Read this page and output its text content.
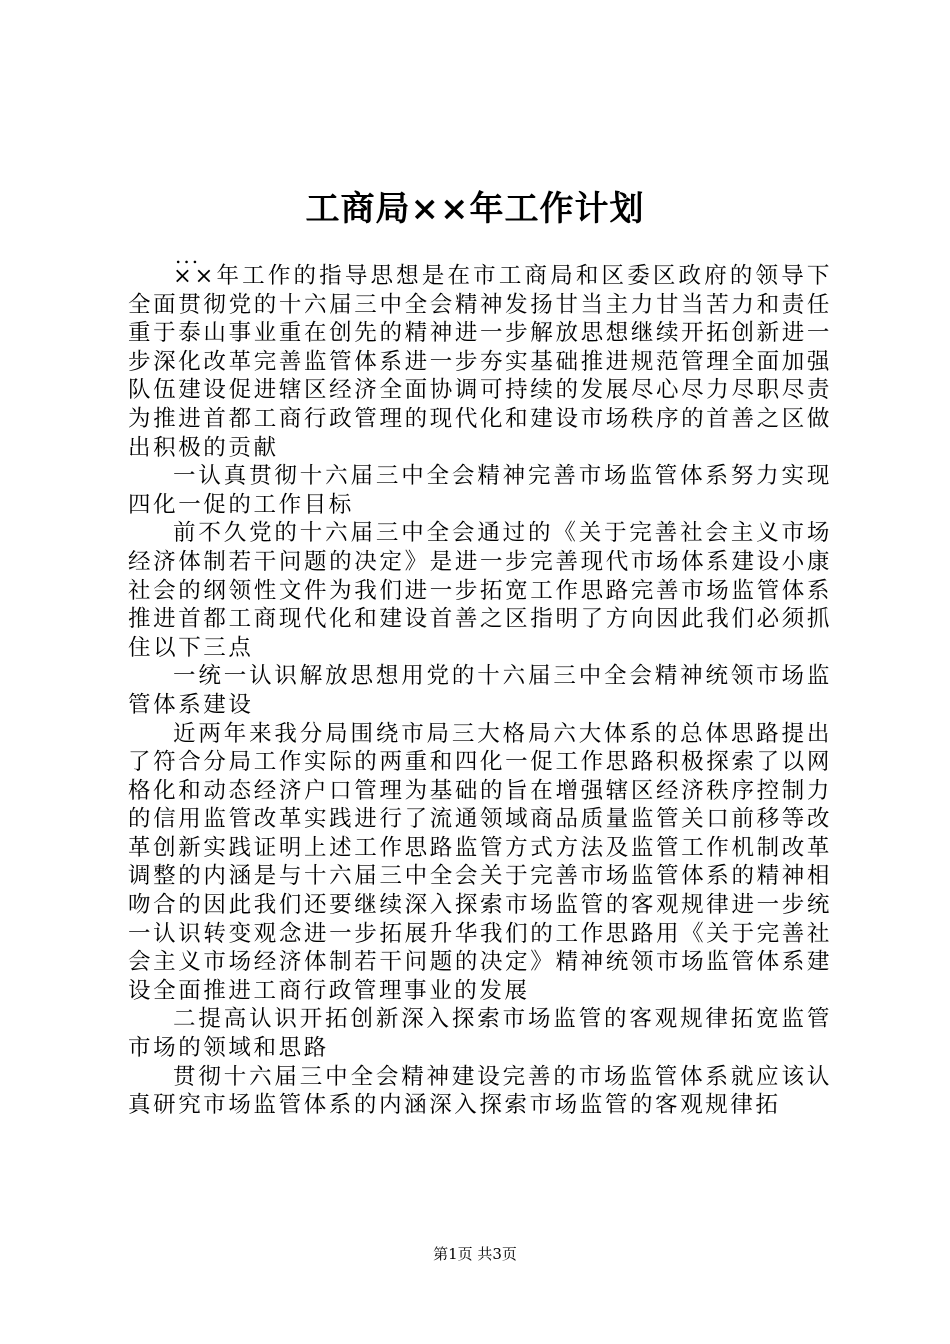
工商局××年工作计划
...

××年工作的指导思想是在市工商局和区委区政府的领导下全面贯彻党的十六届三中全会精神发扬甘当主力甘当苦力和责任重于泰山事业重在创先的精神进一步解放思想继续开拓创新进一步深化改革完善监管体系进一步夯实基础推进规范管理全面加强队伍建设促进辖区经济全面协调可持续的发展尽心尽力尽职尽责为推进首都工商行政管理的现代化和建设市场秩序的首善之区做出积极的贡献

一认真贯彻十六届三中全会精神完善市场监管体系努力实现四化一促的工作目标

前不久党的十六届三中全会通过的《关于完善社会主义市场经济体制若干问题的决定》是进一步完善现代市场体系建设小康社会的纲领性文件为我们进一步拓宽工作思路完善市场监管体系推进首都工商现代化和建设首善之区指明了方向因此我们必须抓住以下三点

一统一认识解放思想用党的十六届三中全会精神统领市场监管体系建设

近两年来我分局围绕市局三大格局六大体系的总体思路提出了符合分局工作实际的两重和四化一促工作思路积极探索了以网格化和动态经济户口管理为基础的旨在增强辖区经济秩序控制力的信用监管改革实践进行了流通领域商品质量监管关口前移等改革创新实践证明上述工作思路监管方式方法及监管工作机制改革调整的内涵是与十六届三中全会关于完善市场监管体系的精神相吻合的因此我们还要继续深入探索市场监管的客观规律进一步统一认识转变观念进一步拓展升华我们的工作思路用《关于完善社会主义市场经济体制若干问题的决定》精神统领市场监管体系建设全面推进工商行政管理事业的发展

二提高认识开拓创新深入探索市场监管的客观规律拓宽监管市场的领域和思路

贯彻十六届三中全会精神建设完善的市场监管体系就应该认真研究市场监管体系的内涵深入探索市场监管的客观规律拓

第1页 共3页
